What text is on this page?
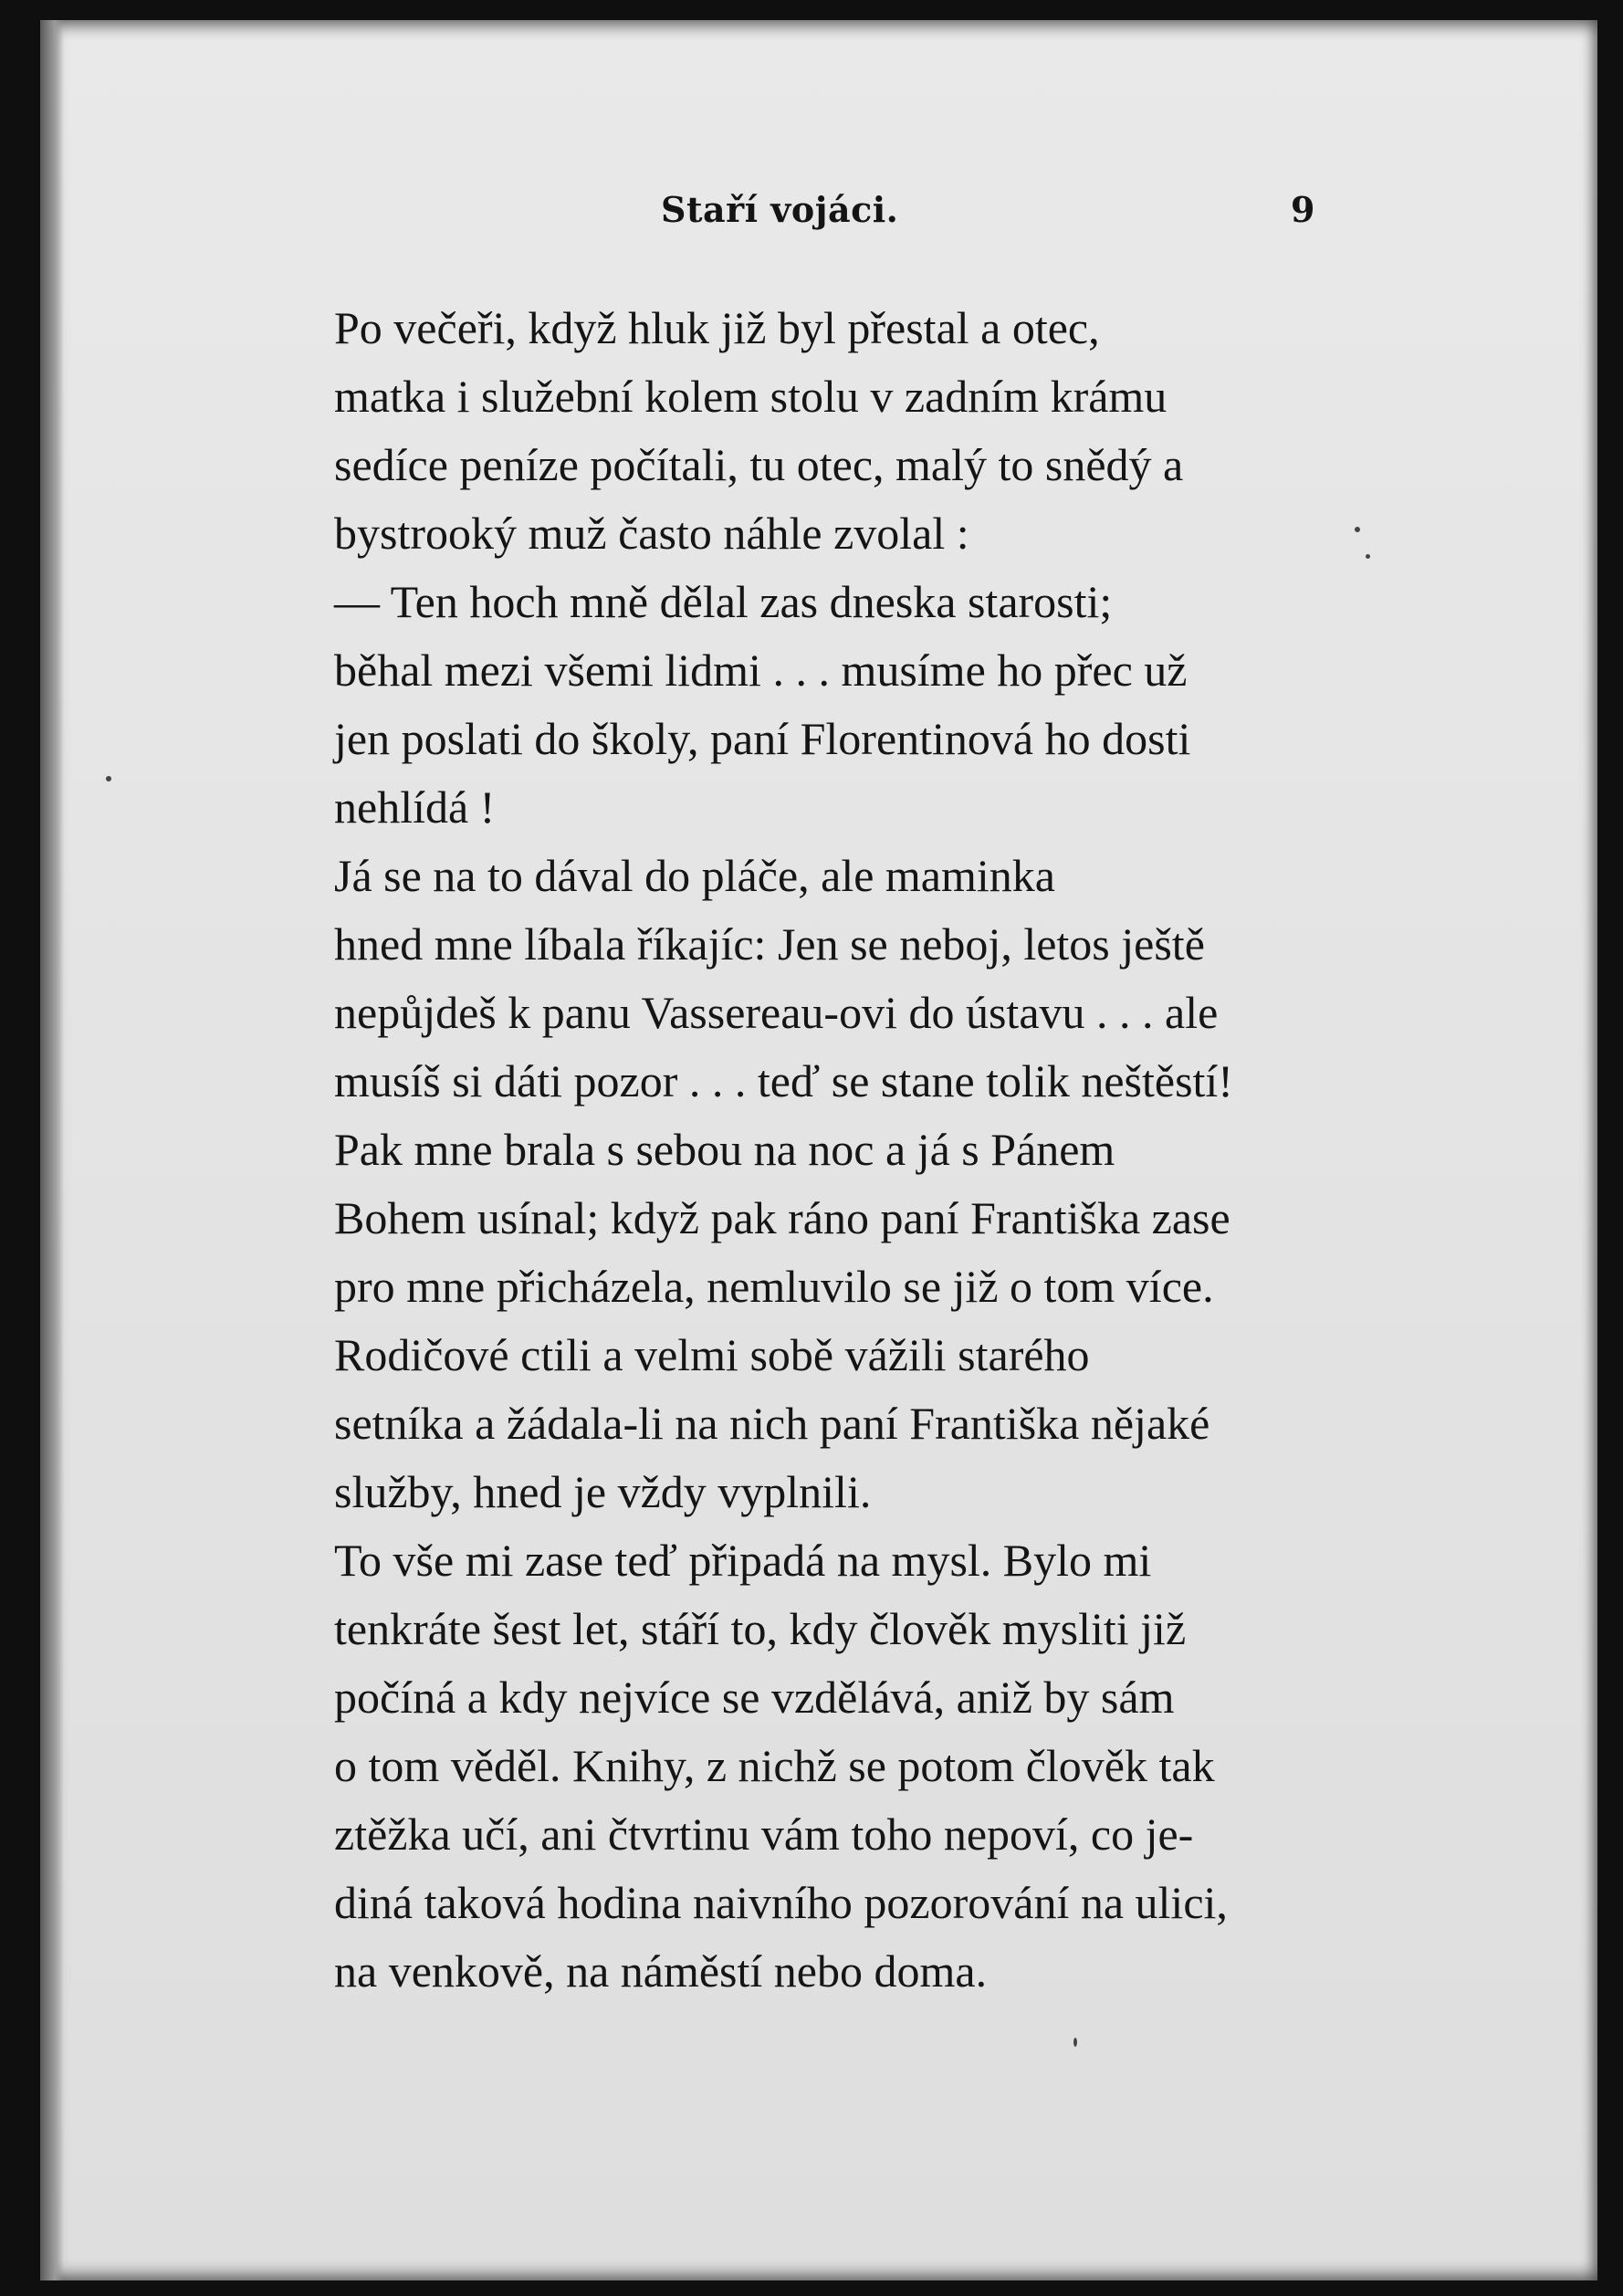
Staří vojáci.	9

Po večeři, když hluk již byl přestal a otec,
matka i služební kolem stolu v zadním krámu
sedíce peníze počítali, tu otec, malý to snědý a
bystrooký muž často náhle zvolal :

— Ten hoch mně dělal zas dneska starosti;
běhal mezi všemi lidmi . . . musíme ho přec už
jen poslati do školy, paní Florentinová ho dosti
nehlídá !

Já se na to dával do pláče, ale maminka
hned mne líbala říkajíc: Jen se neboj, letos ještě
nepůjdeš k panu Vassereau-ovi do ústavu . . . ale
musíš si dáti pozor . . . teď se stane tolik neštěstí!

Pak mne brala s sebou na noc a já s Pánem
Bohem usínal; když pak ráno paní Františka zase
pro mne přicházela, nemluvilo se již o tom více.

Rodičové ctili a velmi sobě vážili starého
setníka a žádala-li na nich paní Františka nějaké
služby, hned je vždy vyplnili.

To vše mi zase teď připadá na mysl. Bylo mi
tenkráte šest let, stáří to, kdy člověk mysliti již
počíná a kdy nejvíce se vzdělává, aniž by sám
o tom věděl. Knihy, z nichž se potom člověk tak
ztěžka učí, ani čtvrtinu vám toho nepoví, co je-
diná taková hodina naivního pozorování na ulici,
na venkově, na náměstí nebo doma.
